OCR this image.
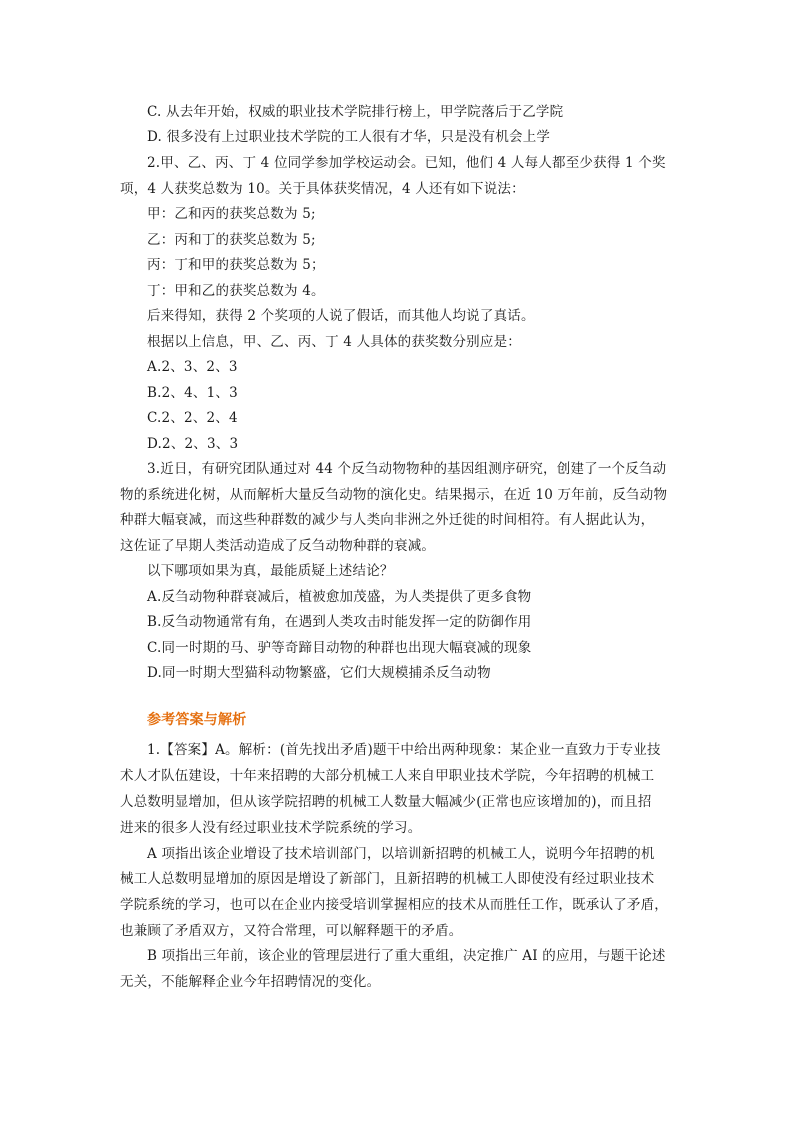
C. 从去年开始，权威的职业技术学院排行榜上，甲学院落后于乙学院
D. 很多没有上过职业技术学院的工人很有才华，只是没有机会上学
2.甲、乙、丙、丁 4 位同学参加学校运动会。已知，他们 4 人每人都至少获得 1 个奖
项，4 人获奖总数为 10。关于具体获奖情况，4 人还有如下说法：
甲：乙和丙的获奖总数为 5;
乙：丙和丁的获奖总数为 5;
丙：丁和甲的获奖总数为 5；
丁：甲和乙的获奖总数为 4。
后来得知，获得 2 个奖项的人说了假话，而其他人均说了真话。
根据以上信息，甲、乙、丙、丁 4 人具体的获奖数分别应是：
A.2、3、2、3
B.2、4、1、3
C.2、2、2、4
D.2、2、3、3
3.近日，有研究团队通过对 44 个反刍动物物种的基因组测序研究，创建了一个反刍动
物的系统进化树，从而解析大量反刍动物的演化史。结果揭示，在近 10 万年前，反刍动物
种群大幅衰减，而这些种群数的减少与人类向非洲之外迁徙的时间相符。有人据此认为，
这佐证了早期人类活动造成了反刍动物种群的衰减。
以下哪项如果为真，最能质疑上述结论？
A.反刍动物种群衰减后，植被愈加茂盛，为人类提供了更多食物
B.反刍动物通常有角，在遇到人类攻击时能发挥一定的防御作用
C.同一时期的马、驴等奇蹄目动物的种群也出现大幅衰减的现象
D.同一时期大型猫科动物繁盛，它们大规模捕杀反刍动物
参考答案与解析
1.【答案】A。解析：(首先找出矛盾)题干中给出两种现象：某企业一直致力于专业技
术人才队伍建设，十年来招聘的大部分机械工人来自甲职业技术学院，今年招聘的机械工
人总数明显增加，但从该学院招聘的机械工人数量大幅减少(正常也应该增加的)，而且招
进来的很多人没有经过职业技术学院系统的学习。
A 项指出该企业增设了技术培训部门，以培训新招聘的机械工人，说明今年招聘的机
械工人总数明显增加的原因是增设了新部门，且新招聘的机械工人即使没有经过职业技术
学院系统的学习，也可以在企业内接受培训掌握相应的技术从而胜任工作，既承认了矛盾，
也兼顾了矛盾双方，又符合常理，可以解释题干的矛盾。
B 项指出三年前，该企业的管理层进行了重大重组，决定推广 AI 的应用，与题干论述
无关，不能解释企业今年招聘情况的变化。
